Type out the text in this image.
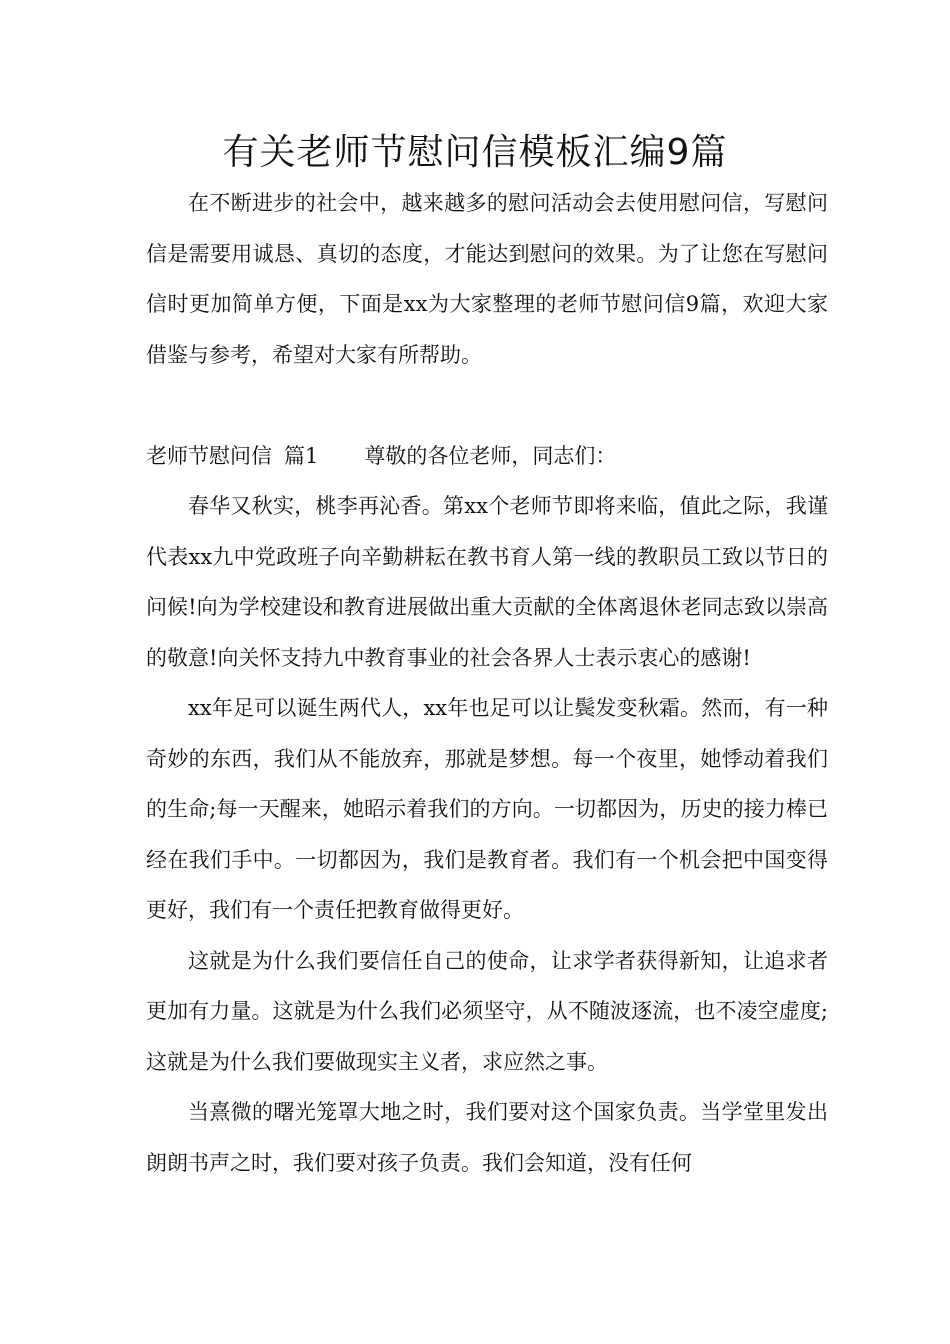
有关老师节慰问信模板汇编9篇

在不断进步的社会中，越来越多的慰问活动会去使用慰问信，写慰问信是需要用诚恳、真切的态度，才能达到慰问的效果。为了让您在写慰问信时更加简单方便，下面是xx为大家整理的老师节慰问信9篇，欢迎大家借鉴与参考，希望对大家有所帮助。

老师节慰问信 篇1 尊敬的各位老师，同志们：

春华又秋实，桃李再沁香。第xx个老师节即将来临，值此之际，我谨代表xx九中党政班子向辛勤耕耘在教书育人第一线的教职员工致以节日的问候!向为学校建设和教育进展做出重大贡献的全体离退休老同志致以崇高的敬意!向关怀支持九中教育事业的社会各界人士表示衷心的感谢!

xx年足可以诞生两代人，xx年也足可以让鬓发变秋霜。然而，有一种奇妙的东西，我们从不能放弃，那就是梦想。每一个夜里，她悸动着我们的生命;每一天醒来，她昭示着我们的方向。一切都因为，历史的接力棒已经在我们手中。一切都因为，我们是教育者。我们有一个机会把中国变得更好，我们有一个责任把教育做得更好。

这就是为什么我们要信任自己的使命，让求学者获得新知，让追求者更加有力量。这就是为什么我们必须坚守，从不随波逐流，也不凌空虚度;这就是为什么我们要做现实主义者，求应然之事。

当熹微的曙光笼罩大地之时，我们要对这个国家负责。当学堂里发出朗朗书声之时，我们要对孩子负责。我们会知道，没有任何
